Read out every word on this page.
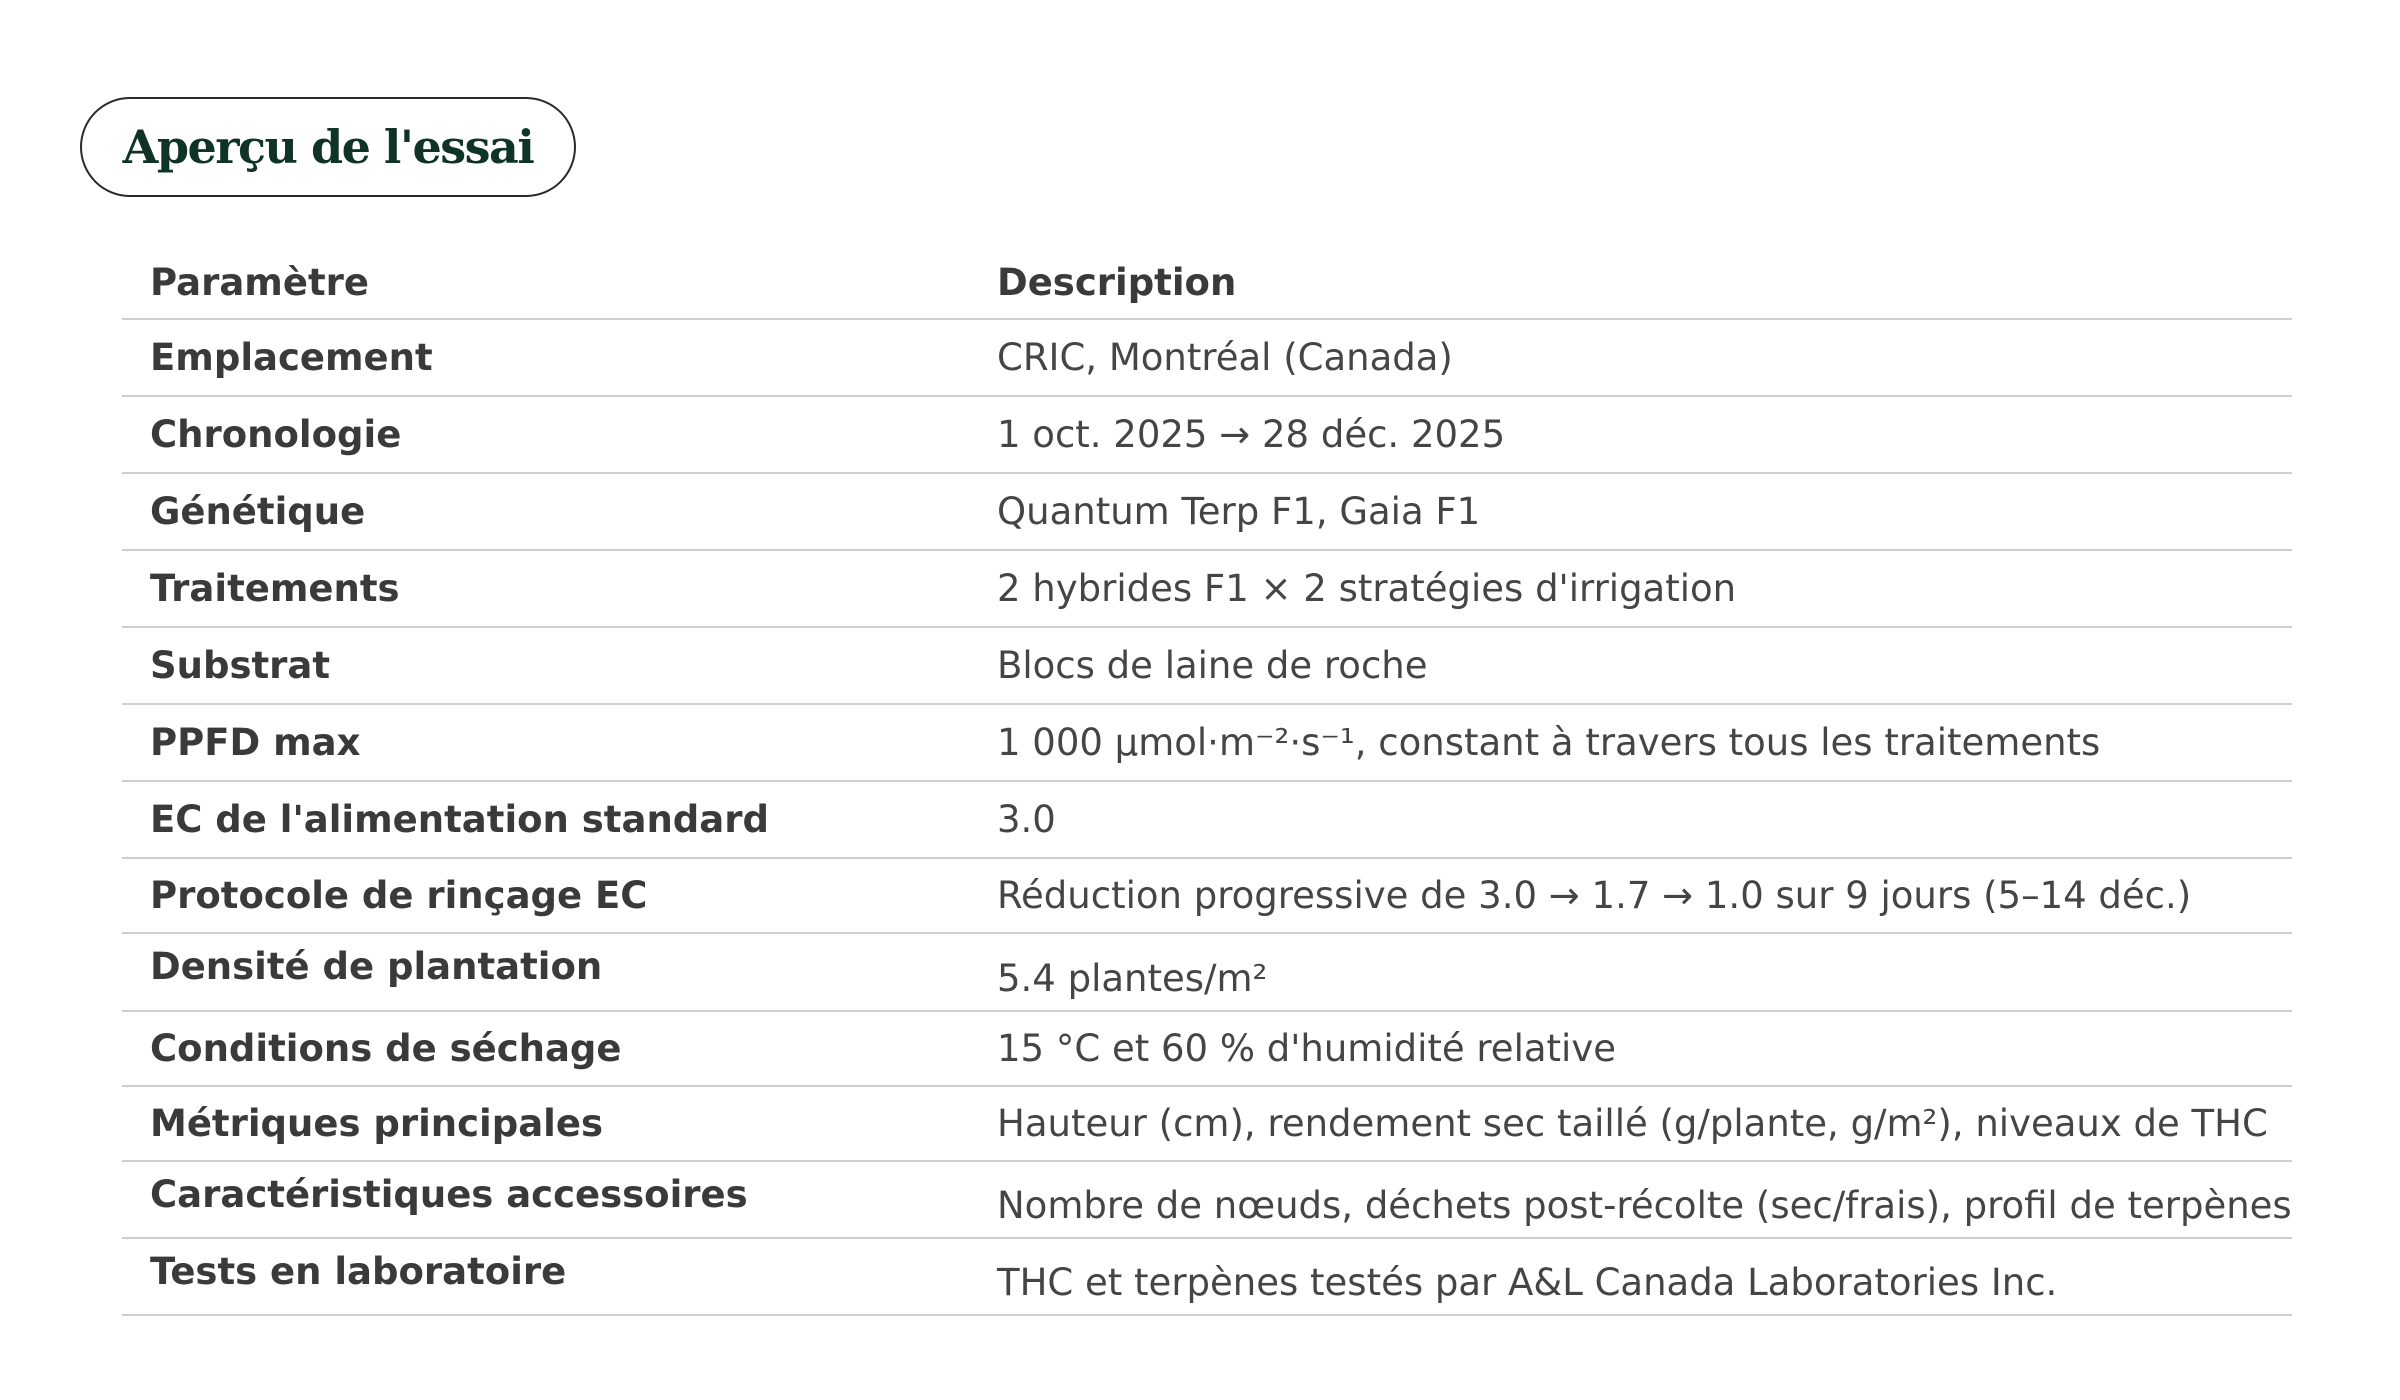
Aperçu de l'essai
Paramètre	Description
Emplacement	CRIC, Montréal (Canada)
Chronologie	1 oct. 2025 → 28 déc. 2025
Génétique	Quantum Terp F1, Gaia F1
Traitements	2 hybrides F1 × 2 stratégies d'irrigation
Substrat	Blocs de laine de roche
PPFD max	1 000 µmol·m⁻²·s⁻¹, constant à travers tous les traitements
EC de l'alimentation standard	3.0
Protocole de rinçage EC	Réduction progressive de 3.0 → 1.7 → 1.0 sur 9 jours (5–14 déc.)
Densité de plantation	5.4 plantes/m²
Conditions de séchage	15 °C et 60 % d'humidité relative
Métriques principales	Hauteur (cm), rendement sec taillé (g/plante, g/m²), niveaux de THC
Caractéristiques accessoires	Nombre de nœuds, déchets post-récolte (sec/frais), profil de terpènes
Tests en laboratoire	THC et terpènes testés par A&L Canada Laboratories Inc.
